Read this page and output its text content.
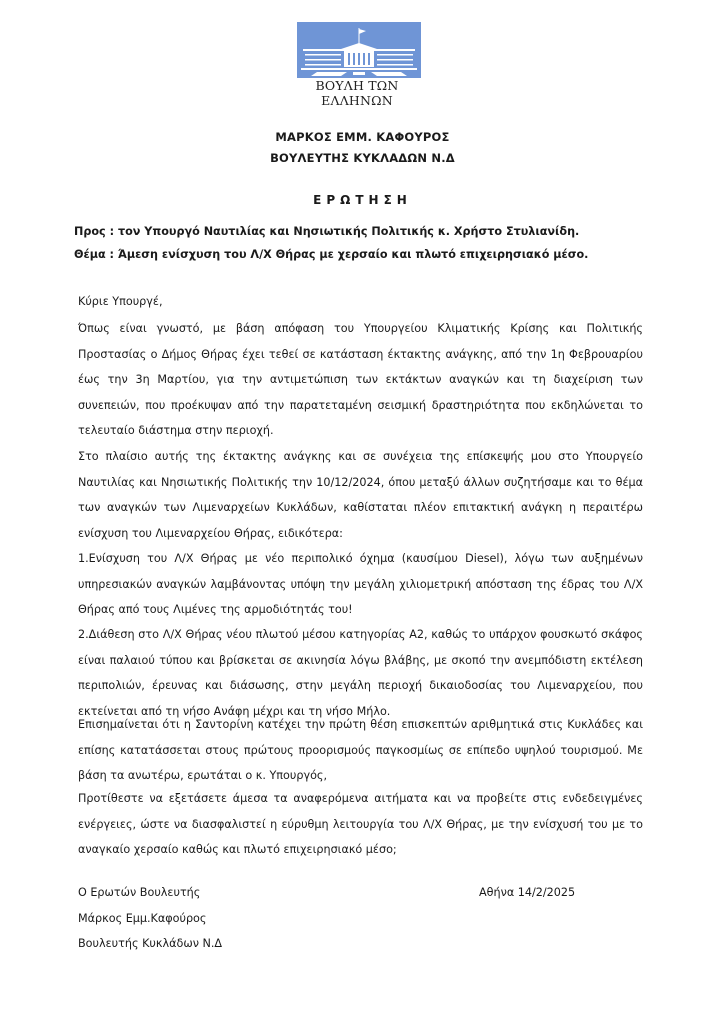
ΒΟΥΛΗ ΤΩΝ ΕΛΛΗΝΩΝ
ΜΑΡΚΟΣ ΕΜΜ. ΚΑΦΟΥΡΟΣ
ΒΟΥΛΕΥΤΗΣ ΚΥΚΛΑΔΩΝ Ν.Δ
ΕΡΩΤΗΣΗ
Προς : τον Υπουργό Ναυτιλίας και Νησιωτικής Πολιτικής κ. Χρήστο Στυλιανίδη.
Θέμα : Άμεση ενίσχυση του Λ/Χ Θήρας με χερσαίο και πλωτό επιχειρησιακό μέσο.
Κύριε Υπουργέ,

Όπως είναι γνωστό, με βάση απόφαση του Υπουργείου Κλιματικής Κρίσης και Πολιτικής Προστασίας ο Δήμος Θήρας έχει τεθεί σε κατάσταση έκτακτης ανάγκης, από την 1η Φεβρουαρίου έως την 3η Μαρτίου, για την αντιμετώπιση των εκτάκτων αναγκών και τη διαχείριση των συνεπειών, που προέκυψαν από την παρατεταμένη σεισμική δραστηριότητα που εκδηλώνεται το τελευταίο διάστημα στην περιοχή.

Στο πλαίσιο αυτής της έκτακτης ανάγκης και σε συνέχεια της επίσκεψής μου στο Υπουργείο Ναυτιλίας και Νησιωτικής Πολιτικής την 10/12/2024, όπου μεταξύ άλλων συζητήσαμε και το θέμα των αναγκών των Λιμεναρχείων Κυκλάδων, καθίσταται πλέον επιτακτική ανάγκη η περαιτέρω ενίσχυση του Λιμεναρχείου Θήρας, ειδικότερα:

1.Ενίσχυση του Λ/Χ Θήρας με νέο περιπολικό όχημα (καυσίμου Diesel), λόγω των αυξημένων υπηρεσιακών αναγκών λαμβάνοντας υπόψη την μεγάλη χιλιομετρική απόσταση της έδρας του Λ/Χ Θήρας από τους Λιμένες της αρμοδιότητάς του!

2.Διάθεση στο Λ/Χ Θήρας νέου πλωτού μέσου κατηγορίας Α2, καθώς το υπάρχον φουσκωτό σκάφος είναι παλαιού τύπου και βρίσκεται σε ακινησία λόγω βλάβης, με σκοπό την ανεμπόδιστη εκτέλεση περιπολιών, έρευνας και διάσωσης, στην μεγάλη περιοχή δικαιοδοσίας του Λιμεναρχείου, που εκτείνεται από τη νήσο Ανάφη μέχρι και τη νήσο Μήλο.

Επισημαίνεται ότι η Σαντορίνη κατέχει την πρώτη θέση επισκεπτών αριθμητικά στις Κυκλάδες και επίσης κατατάσσεται στους πρώτους προορισμούς παγκοσμίως σε επίπεδο υψηλού τουρισμού. Με βάση τα ανωτέρω, ερωτάται ο κ. Υπουργός,

Προτίθεστε να εξετάσετε άμεσα τα αναφερόμενα αιτήματα και να προβείτε στις ενδεδειγμένες ενέργειες, ώστε να διασφαλιστεί η εύρυθμη λειτουργία του Λ/Χ Θήρας, με την ενίσχυσή του με το αναγκαίο χερσαίο καθώς και πλωτό επιχειρησιακό μέσο;

Ο Ερωτών Βουλευτής
Μάρκος Εμμ.Καφούρος
Βουλευτής Κυκλάδων Ν.Δ
Αθήνα 14/2/2025
